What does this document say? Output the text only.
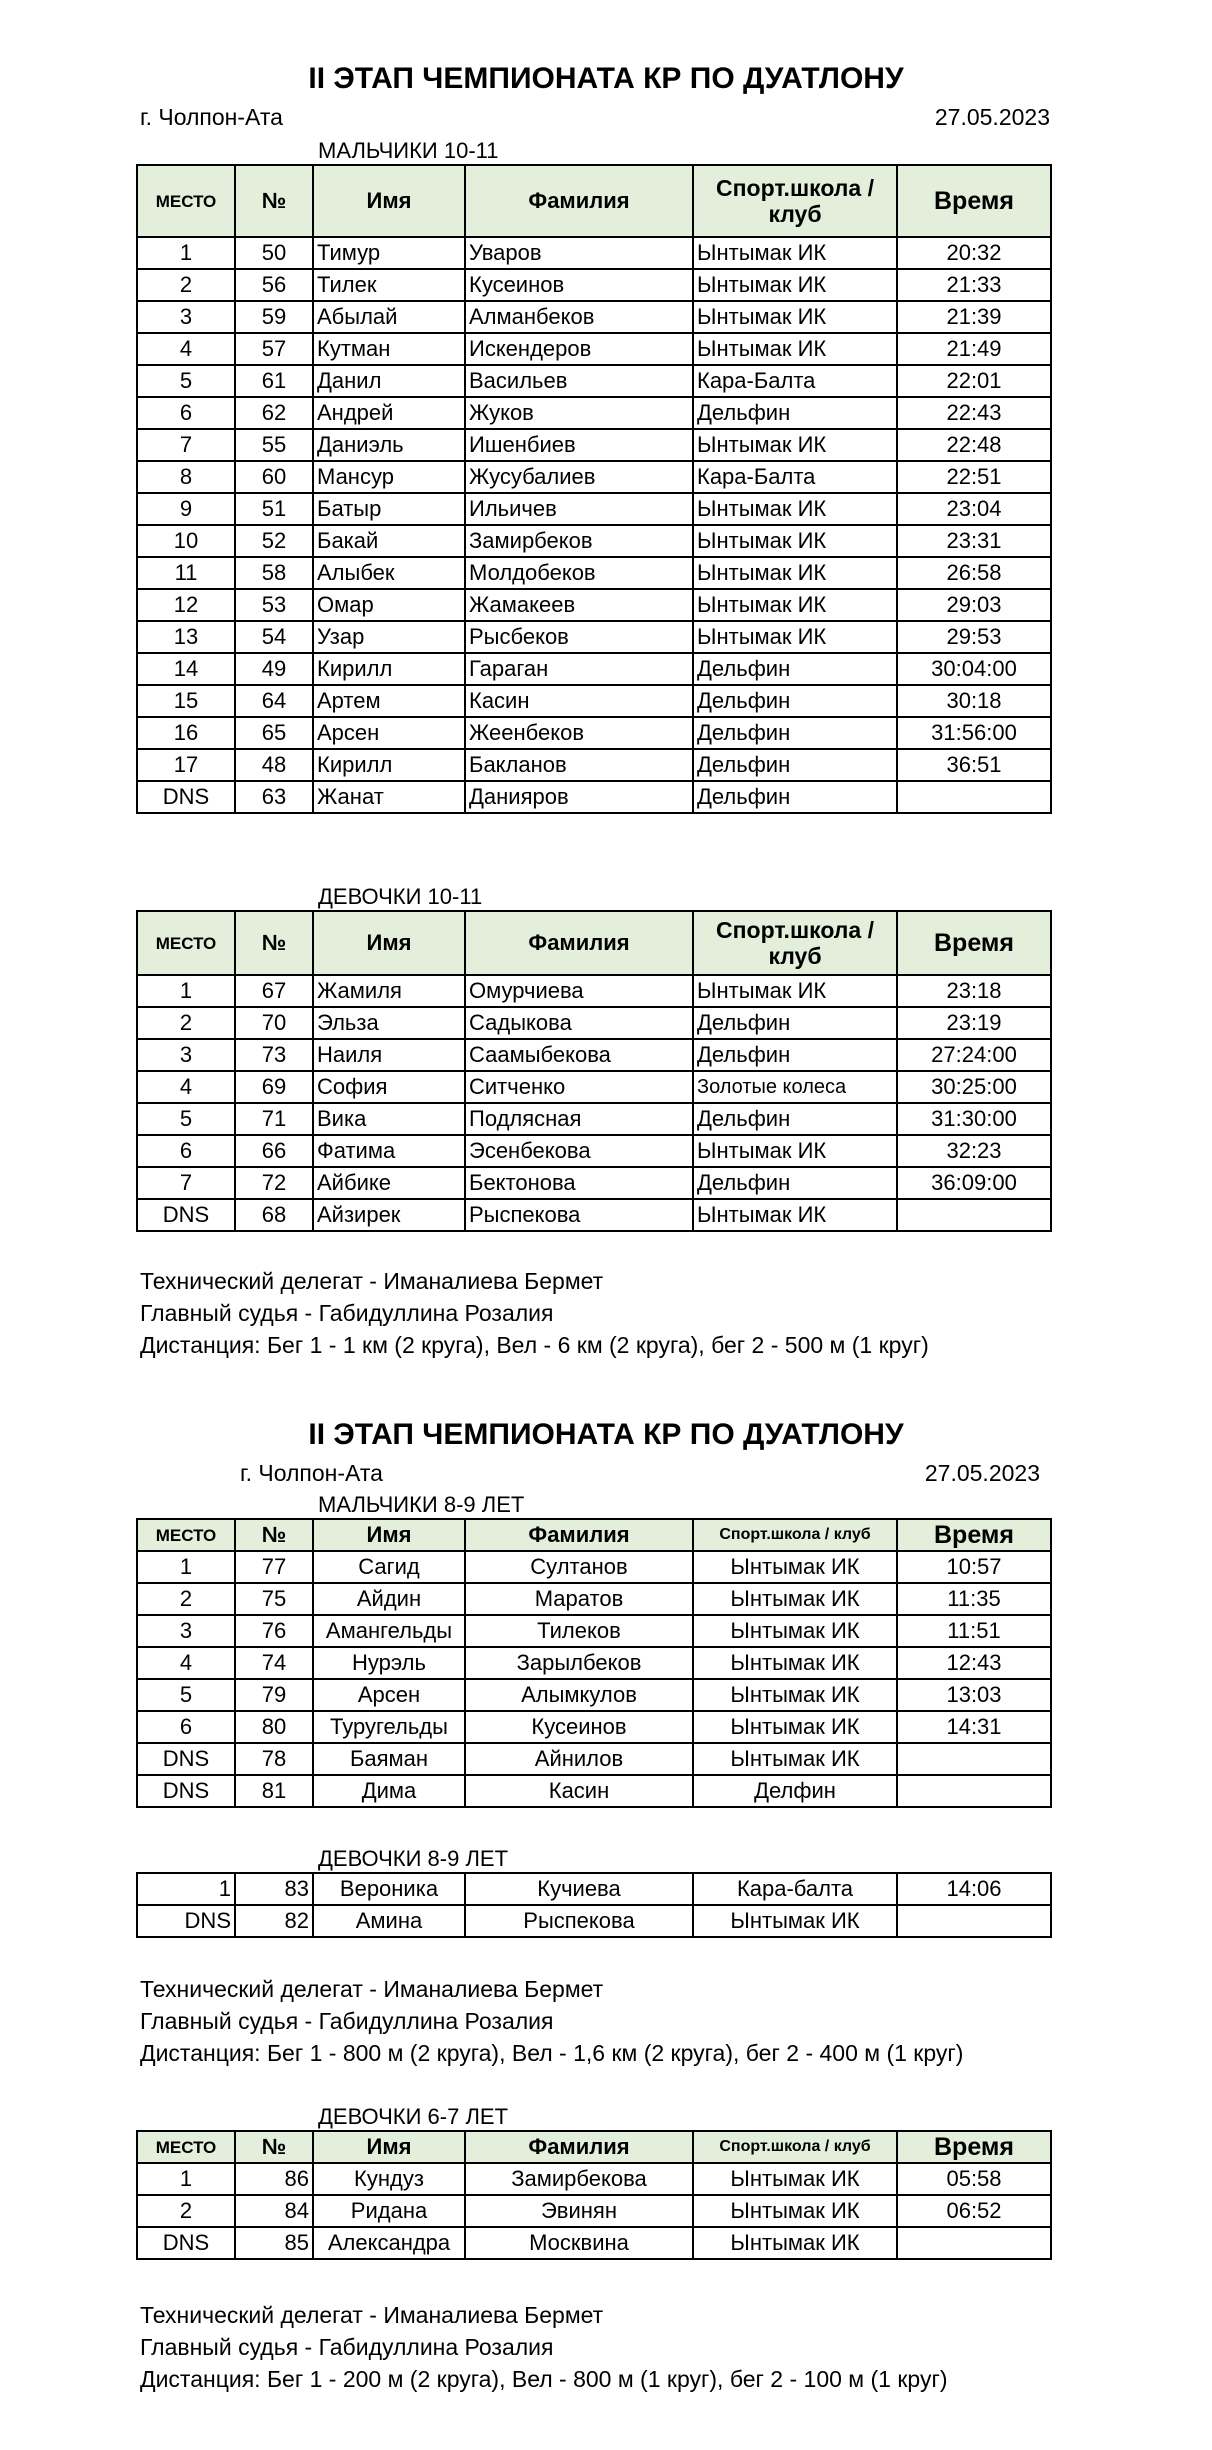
II ЭТАП ЧЕМПИОНАТА КР ПО ДУАТЛОНУ
г. Чолпон-Ата	27.05.2023
МАЛЬЧИКИ 10-11
МЕСТО	№	Имя	Фамилия	Спорт.школа / клуб	Время
1	50	Тимур	Уваров	Ынтымак ИК	20:32
2	56	Тилек	Кусеинов	Ынтымак ИК	21:33
3	59	Абылай	Алманбеков	Ынтымак ИК	21:39
4	57	Кутман	Искендеров	Ынтымак ИК	21:49
5	61	Данил	Васильев	Кара-Балта	22:01
6	62	Андрей	Жуков	Дельфин	22:43
7	55	Даниэль	Ишенбиев	Ынтымак ИК	22:48
8	60	Мансур	Жусубалиев	Кара-Балта	22:51
9	51	Батыр	Ильичев	Ынтымак ИК	23:04
10	52	Бакай	Замирбеков	Ынтымак ИК	23:31
11	58	Алыбек	Молдобеков	Ынтымак ИК	26:58
12	53	Омар	Жамакеев	Ынтымак ИК	29:03
13	54	Узар	Рысбеков	Ынтымак ИК	29:53
14	49	Кирилл	Гараган	Дельфин	30:04:00
15	64	Артем	Касин	Дельфин	30:18
16	65	Арсен	Жеенбеков	Дельфин	31:56:00
17	48	Кирилл	Бакланов	Дельфин	36:51
DNS	63	Жанат	Данияров	Дельфин	
ДЕВОЧКИ 10-11
МЕСТО	№	Имя	Фамилия	Спорт.школа / клуб	Время
1	67	Жамиля	Омурчиева	Ынтымак ИК	23:18
2	70	Эльза	Садыкова	Дельфин	23:19
3	73	Наиля	Саамыбекова	Дельфин	27:24:00
4	69	София	Ситченко	Золотые колеса	30:25:00
5	71	Вика	Подлясная	Дельфин	31:30:00
6	66	Фатима	Эсенбекова	Ынтымак ИК	32:23
7	72	Айбике	Бектонова	Дельфин	36:09:00
DNS	68	Айзирек	Рыспекова	Ынтымак ИК	
Технический делегат - Иманалиева Бермет
Главный судья - Габидуллина Розалия
Дистанция: Бег 1 - 1 км (2 круга), Вел - 6 км (2 круга), бег 2 - 500 м (1 круг)
II ЭТАП ЧЕМПИОНАТА КР ПО ДУАТЛОНУ
г. Чолпон-Ата	27.05.2023
МАЛЬЧИКИ 8-9 ЛЕТ
МЕСТО	№	Имя	Фамилия	Спорт.школа / клуб	Время
1	77	Сагид	Султанов	Ынтымак ИК	10:57
2	75	Айдин	Маратов	Ынтымак ИК	11:35
3	76	Амангельды	Тилеков	Ынтымак ИК	11:51
4	74	Нурэль	Зарылбеков	Ынтымак ИК	12:43
5	79	Арсен	Алымкулов	Ынтымак ИК	13:03
6	80	Туругельды	Кусеинов	Ынтымак ИК	14:31
DNS	78	Баяман	Айнилов	Ынтымак ИК	
DNS	81	Дима	Касин	Делфин	
ДЕВОЧКИ 8-9 ЛЕТ
1	83	Вероника	Кучиева	Кара-балта	14:06
DNS	82	Амина	Рыспекова	Ынтымак ИК	
Технический делегат - Иманалиева Бермет
Главный судья - Габидуллина Розалия
Дистанция: Бег 1 - 800 м (2 круга), Вел - 1,6 км (2 круга), бег 2 - 400 м (1 круг)
ДЕВОЧКИ 6-7 ЛЕТ
МЕСТО	№	Имя	Фамилия	Спорт.школа / клуб	Время
1	86	Кундуз	Замирбекова	Ынтымак ИК	05:58
2	84	Ридана	Эвинян	Ынтымак ИК	06:52
DNS	85	Александра	Москвина	Ынтымак ИК	
Технический делегат - Иманалиева Бермет
Главный судья - Габидуллина Розалия
Дистанция: Бег 1 - 200 м (2 круга), Вел - 800 м (1 круг), бег 2 - 100 м (1 круг)
